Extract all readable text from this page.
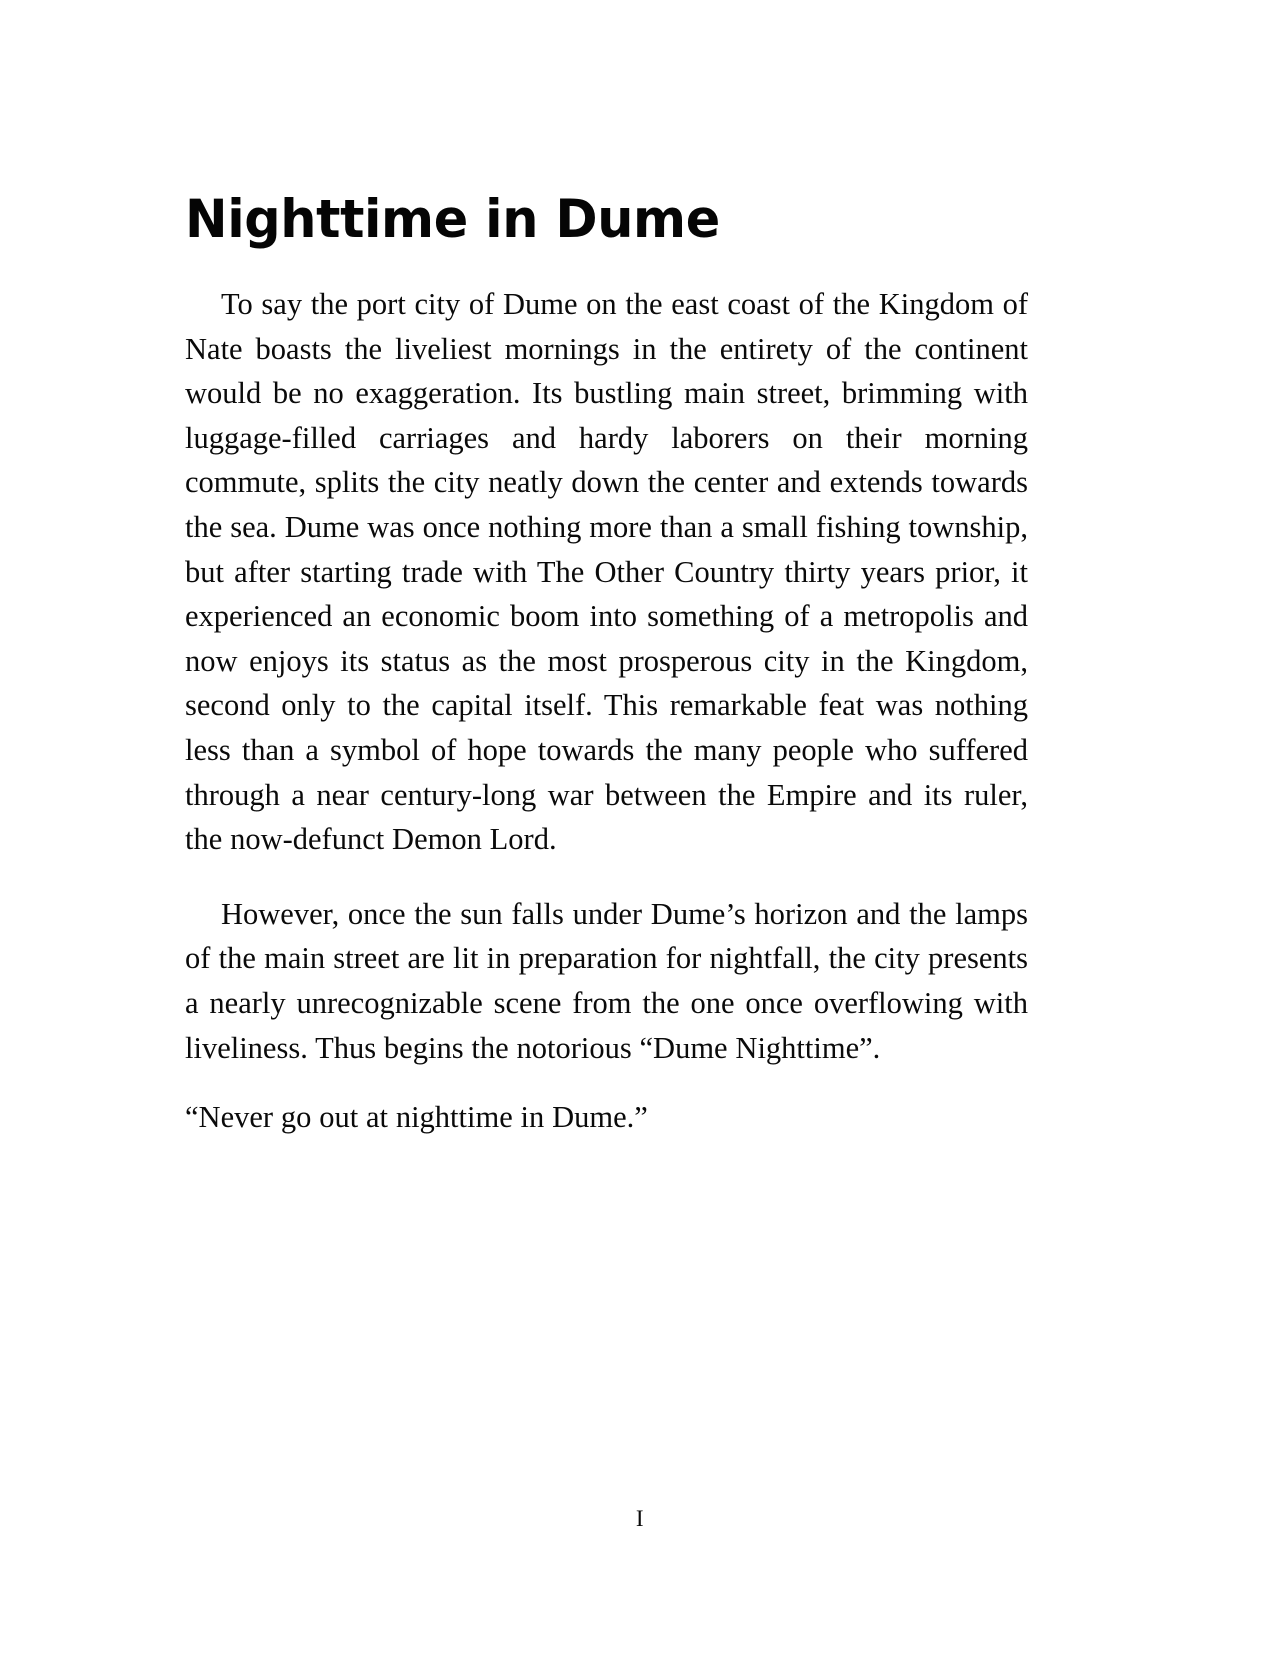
Nighttime in Dume

To say the port city of Dume on the east coast of the Kingdom of Nate boasts the liveliest mornings in the entirety of the continent would be no exaggeration. Its bustling main street, brimming with luggage-filled carriages and hardy laborers on their morning commute, splits the city neatly down the center and extends towards the sea. Dume was once nothing more than a small fishing township, but after starting trade with The Other Country thirty years prior, it experienced an economic boom into something of a metropolis and now enjoys its status as the most prosperous city in the Kingdom, second only to the capital itself. This remarkable feat was nothing less than a symbol of hope towards the many people who suffered through a near century-long war between the Empire and its ruler, the now-defunct Demon Lord.

However, once the sun falls under Dume’s horizon and the lamps of the main street are lit in preparation for nightfall, the city presents a nearly unrecognizable scene from the one once overflowing with liveliness. Thus begins the notorious “Dume Nighttime”.

“Never go out at nighttime in Dume.”

I
